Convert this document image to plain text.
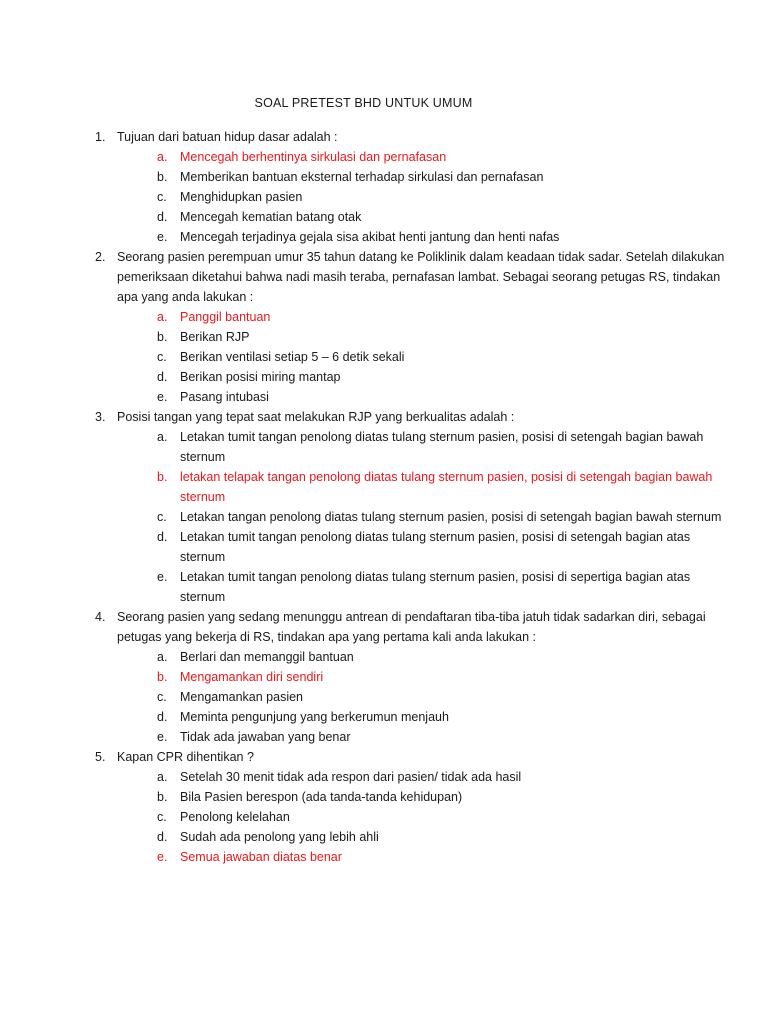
SOAL PRETEST BHD UNTUK UMUM
1. Tujuan dari batuan hidup dasar adalah :
a. Mencegah berhentinya sirkulasi dan pernafasan
b. Memberikan bantuan eksternal terhadap sirkulasi dan pernafasan
c. Menghidupkan pasien
d. Mencegah kematian batang otak
e. Mencegah terjadinya gejala sisa akibat henti jantung dan henti nafas
2. Seorang pasien perempuan umur 35 tahun datang ke Poliklinik dalam keadaan tidak sadar. Setelah dilakukan pemeriksaan diketahui bahwa nadi masih teraba, pernafasan lambat. Sebagai seorang petugas RS, tindakan apa yang anda lakukan :
a. Panggil bantuan
b. Berikan RJP
c. Berikan ventilasi setiap 5 – 6 detik sekali
d. Berikan posisi miring mantap
e. Pasang intubasi
3. Posisi tangan yang tepat saat melakukan RJP yang berkualitas adalah :
a. Letakan tumit tangan penolong diatas tulang sternum pasien, posisi di setengah bagian bawah sternum
b. letakan telapak tangan penolong diatas tulang sternum pasien, posisi di setengah bagian bawah sternum
c. Letakan tangan penolong diatas tulang sternum pasien, posisi di setengah bagian bawah sternum
d. Letakan tumit tangan penolong diatas tulang sternum pasien, posisi di setengah bagian atas sternum
e. Letakan tumit tangan penolong diatas tulang sternum pasien, posisi di sepertiga bagian atas sternum
4. Seorang pasien yang sedang menunggu antrean di pendaftaran tiba-tiba jatuh tidak sadarkan diri, sebagai petugas yang bekerja di RS, tindakan apa yang pertama kali anda lakukan :
a. Berlari dan memanggil bantuan
b. Mengamankan diri sendiri
c. Mengamankan pasien
d. Meminta pengunjung yang berkerumun menjauh
e. Tidak ada jawaban yang benar
5. Kapan CPR dihentikan ?
a. Setelah 30 menit tidak ada respon dari pasien/ tidak ada hasil
b. Bila Pasien berespon (ada tanda-tanda kehidupan)
c. Penolong kelelahan
d. Sudah ada penolong yang lebih ahli
e. Semua jawaban diatas benar
